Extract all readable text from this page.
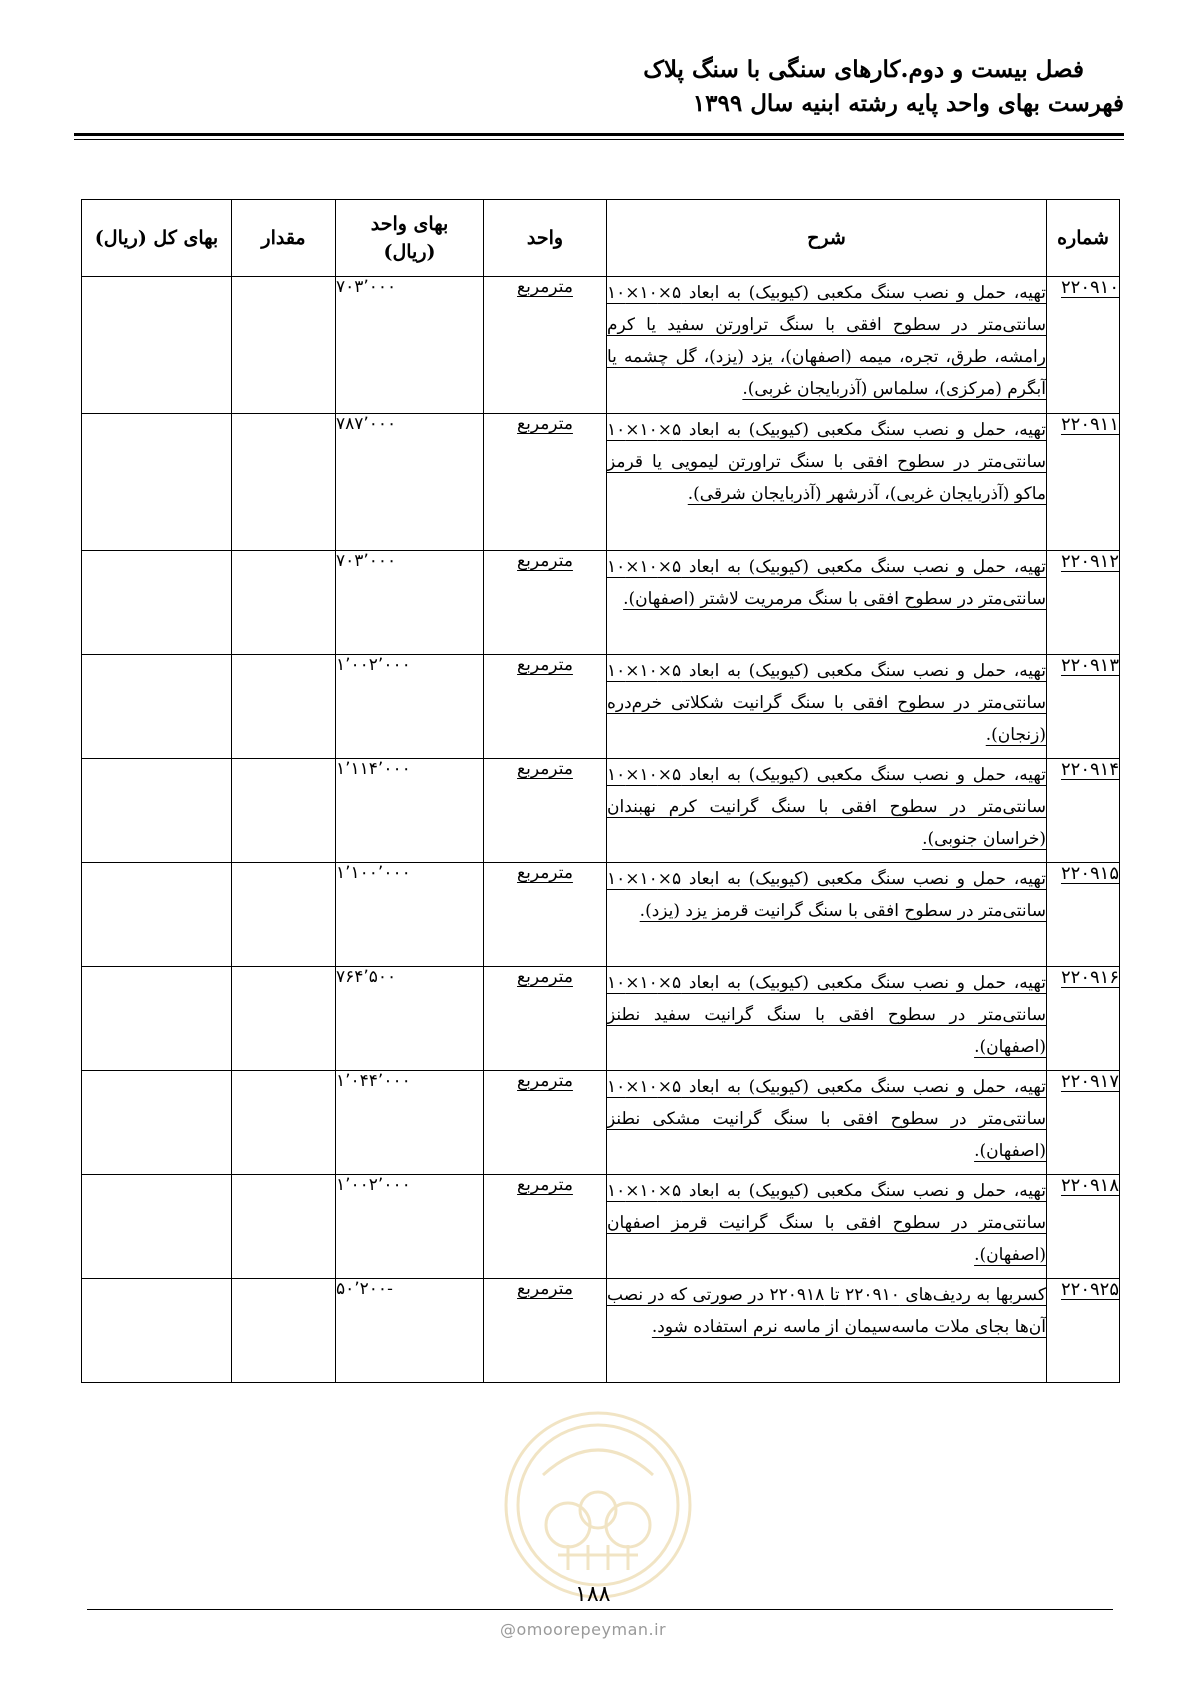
فصل بیست و دوم.کارهای سنگی با سنگ پلاک
فهرست بهای واحد پایه رشته ابنیه سال ۱۳۹۹
شماره	شرح	واحد	بهای واحد
(ریال)	مقدار	بهای کل (ریال)
۲۲۰۹۱۰	تهیه، حمل و نصب سنگ مکعبی (کیوبیک) به ابعاد ۵×۱۰×۱۰ سانتی‌متر در سطوح افقی با سنگ تراورتن سفید یا کرم رامشه، طرق، تجره، میمه (اصفهان)، یزد (یزد)، گل چشمه یا آبگرم (مرکزی)، سلماس (آذربایجان غربی).	مترمربع	۷۰۳٬۰۰۰		
۲۲۰۹۱۱	تهیه، حمل و نصب سنگ مکعبی (کیوبیک) به ابعاد ۵×۱۰×۱۰ سانتی‌متر در سطوح افقی با سنگ تراورتن لیمویی یا قرمز ماکو (آذربایجان غربی)، آذرشهر (آذربایجان شرقی).	مترمربع	۷۸۷٬۰۰۰		
۲۲۰۹۱۲	تهیه، حمل و نصب سنگ مکعبی (کیوبیک) به ابعاد ۵×۱۰×۱۰ سانتی‌متر در سطوح افقی با سنگ مرمریت لاشتر (اصفهان).	مترمربع	۷۰۳٬۰۰۰		
۲۲۰۹۱۳	تهیه، حمل و نصب سنگ مکعبی (کیوبیک) به ابعاد ۵×۱۰×۱۰ سانتی‌متر در سطوح افقی با سنگ گرانیت شکلاتی خرم‌دره (زنجان).	مترمربع	۱٬۰۰۲٬۰۰۰		
۲۲۰۹۱۴	تهیه، حمل و نصب سنگ مکعبی (کیوبیک) به ابعاد ۵×۱۰×۱۰ سانتی‌متر در سطوح افقی با سنگ گرانیت کرم نهبندان (خراسان جنوبی).	مترمربع	۱٬۱۱۴٬۰۰۰		
۲۲۰۹۱۵	تهیه، حمل و نصب سنگ مکعبی (کیوبیک) به ابعاد ۵×۱۰×۱۰ سانتی‌متر در سطوح افقی با سنگ گرانیت قرمز یزد (یزد).	مترمربع	۱٬۱۰۰٬۰۰۰		
۲۲۰۹۱۶	تهیه، حمل و نصب سنگ مکعبی (کیوبیک) به ابعاد ۵×۱۰×۱۰ سانتی‌متر در سطوح افقی با سنگ گرانیت سفید نطنز (اصفهان).	مترمربع	۷۶۴٬۵۰۰		
۲۲۰۹۱۷	تهیه، حمل و نصب سنگ مکعبی (کیوبیک) به ابعاد ۵×۱۰×۱۰ سانتی‌متر در سطوح افقی با سنگ گرانیت مشکی نطنز (اصفهان).	مترمربع	۱٬۰۴۴٬۰۰۰		
۲۲۰۹۱۸	تهیه، حمل و نصب سنگ مکعبی (کیوبیک) به ابعاد ۵×۱۰×۱۰ سانتی‌متر در سطوح افقی با سنگ گرانیت قرمز اصفهان (اصفهان).	مترمربع	۱٬۰۰۲٬۰۰۰		
۲۲۰۹۲۵	کسربها به ردیف‌های ۲۲۰۹۱۰ تا ۲۲۰۹۱۸ در صورتی که در نصب آن‌ها بجای ملات ماسه‌سیمان از ماسه نرم استفاده شود.	مترمربع	-۵۰٬۲۰۰		
۱۸۸
@omoorepeyman.ir
